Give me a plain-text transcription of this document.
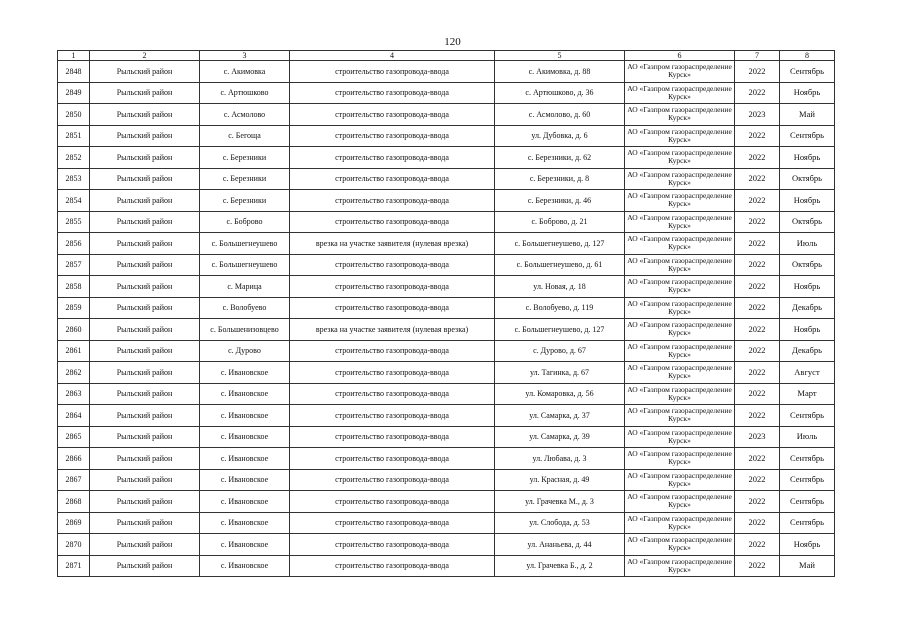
120
1	2	3	4	5	6	7	8
2848	Рыльский район	с. Акимовка	строительство газопровода-ввода	с. Акимовка, д. 88	АО «Газпром газораспределение Курск»	2022	Сентябрь
2849	Рыльский район	с. Артюшково	строительство газопровода-ввода	с. Артюшково, д. 36	АО «Газпром газораспределение Курск»	2022	Ноябрь
2850	Рыльский район	с. Асмолово	строительство газопровода-ввода	с. Асмолово, д. 60	АО «Газпром газораспределение Курск»	2023	Май
2851	Рыльский район	с. Бегоща	строительство газопровода-ввода	ул. Дубовка, д. 6	АО «Газпром газораспределение Курск»	2022	Сентябрь
2852	Рыльский район	с. Березники	строительство газопровода-ввода	с. Березники, д. 62	АО «Газпром газораспределение Курск»	2022	Ноябрь
2853	Рыльский район	с. Березники	строительство газопровода-ввода	с. Березники, д. 8	АО «Газпром газораспределение Курск»	2022	Октябрь
2854	Рыльский район	с. Березники	строительство газопровода-ввода	с. Березники, д. 46	АО «Газпром газораспределение Курск»	2022	Ноябрь
2855	Рыльский район	с. Боброво	строительство газопровода-ввода	с. Боброво, д. 21	АО «Газпром газораспределение Курск»	2022	Октябрь
2856	Рыльский район	с. Большегнеушево	врезка на участке заявителя (нулевая врезка)	с. Большегнеушево, д. 127	АО «Газпром газораспределение Курск»	2022	Июль
2857	Рыльский район	с. Большегнеушево	строительство газопровода-ввода	с. Большегнеушево, д. 61	АО «Газпром газораспределение Курск»	2022	Октябрь
2858	Рыльский район	с. Марица	строительство газопровода-ввода	ул. Новая, д. 18	АО «Газпром газораспределение Курск»	2022	Ноябрь
2859	Рыльский район	с. Волобуево	строительство газопровода-ввода	с. Волобуево, д. 119	АО «Газпром газораспределение Курск»	2022	Декабрь
2860	Рыльский район	с. Большенизовцево	врезка на участке заявителя (нулевая врезка)	с. Большегнеушево, д. 127	АО «Газпром газораспределение Курск»	2022	Ноябрь
2861	Рыльский район	с. Дурово	строительство газопровода-ввода	с. Дурово, д. 67	АО «Газпром газораспределение Курск»	2022	Декабрь
2862	Рыльский район	с. Ивановское	строительство газопровода-ввода	ул. Тагинка, д. 67	АО «Газпром газораспределение Курск»	2022	Август
2863	Рыльский район	с. Ивановское	строительство газопровода-ввода	ул. Комаровка, д. 56	АО «Газпром газораспределение Курск»	2022	Март
2864	Рыльский район	с. Ивановское	строительство газопровода-ввода	ул. Самарка, д. 37	АО «Газпром газораспределение Курск»	2022	Сентябрь
2865	Рыльский район	с. Ивановское	строительство газопровода-ввода	ул. Самарка, д. 39	АО «Газпром газораспределение Курск»	2023	Июль
2866	Рыльский район	с. Ивановское	строительство газопровода-ввода	ул. Любава, д. 3	АО «Газпром газораспределение Курск»	2022	Сентябрь
2867	Рыльский район	с. Ивановское	строительство газопровода-ввода	ул. Красная, д. 49	АО «Газпром газораспределение Курск»	2022	Сентябрь
2868	Рыльский район	с. Ивановское	строительство газопровода-ввода	ул. Грачевка М., д. 3	АО «Газпром газораспределение Курск»	2022	Сентябрь
2869	Рыльский район	с. Ивановское	строительство газопровода-ввода	ул. Слобода, д. 53	АО «Газпром газораспределение Курск»	2022	Сентябрь
2870	Рыльский район	с. Ивановское	строительство газопровода-ввода	ул. Ананьева, д. 44	АО «Газпром газораспределение Курск»	2022	Ноябрь
2871	Рыльский район	с. Ивановское	строительство газопровода-ввода	ул. Грачевка Б., д. 2	АО «Газпром газораспределение Курск»	2022	Май
